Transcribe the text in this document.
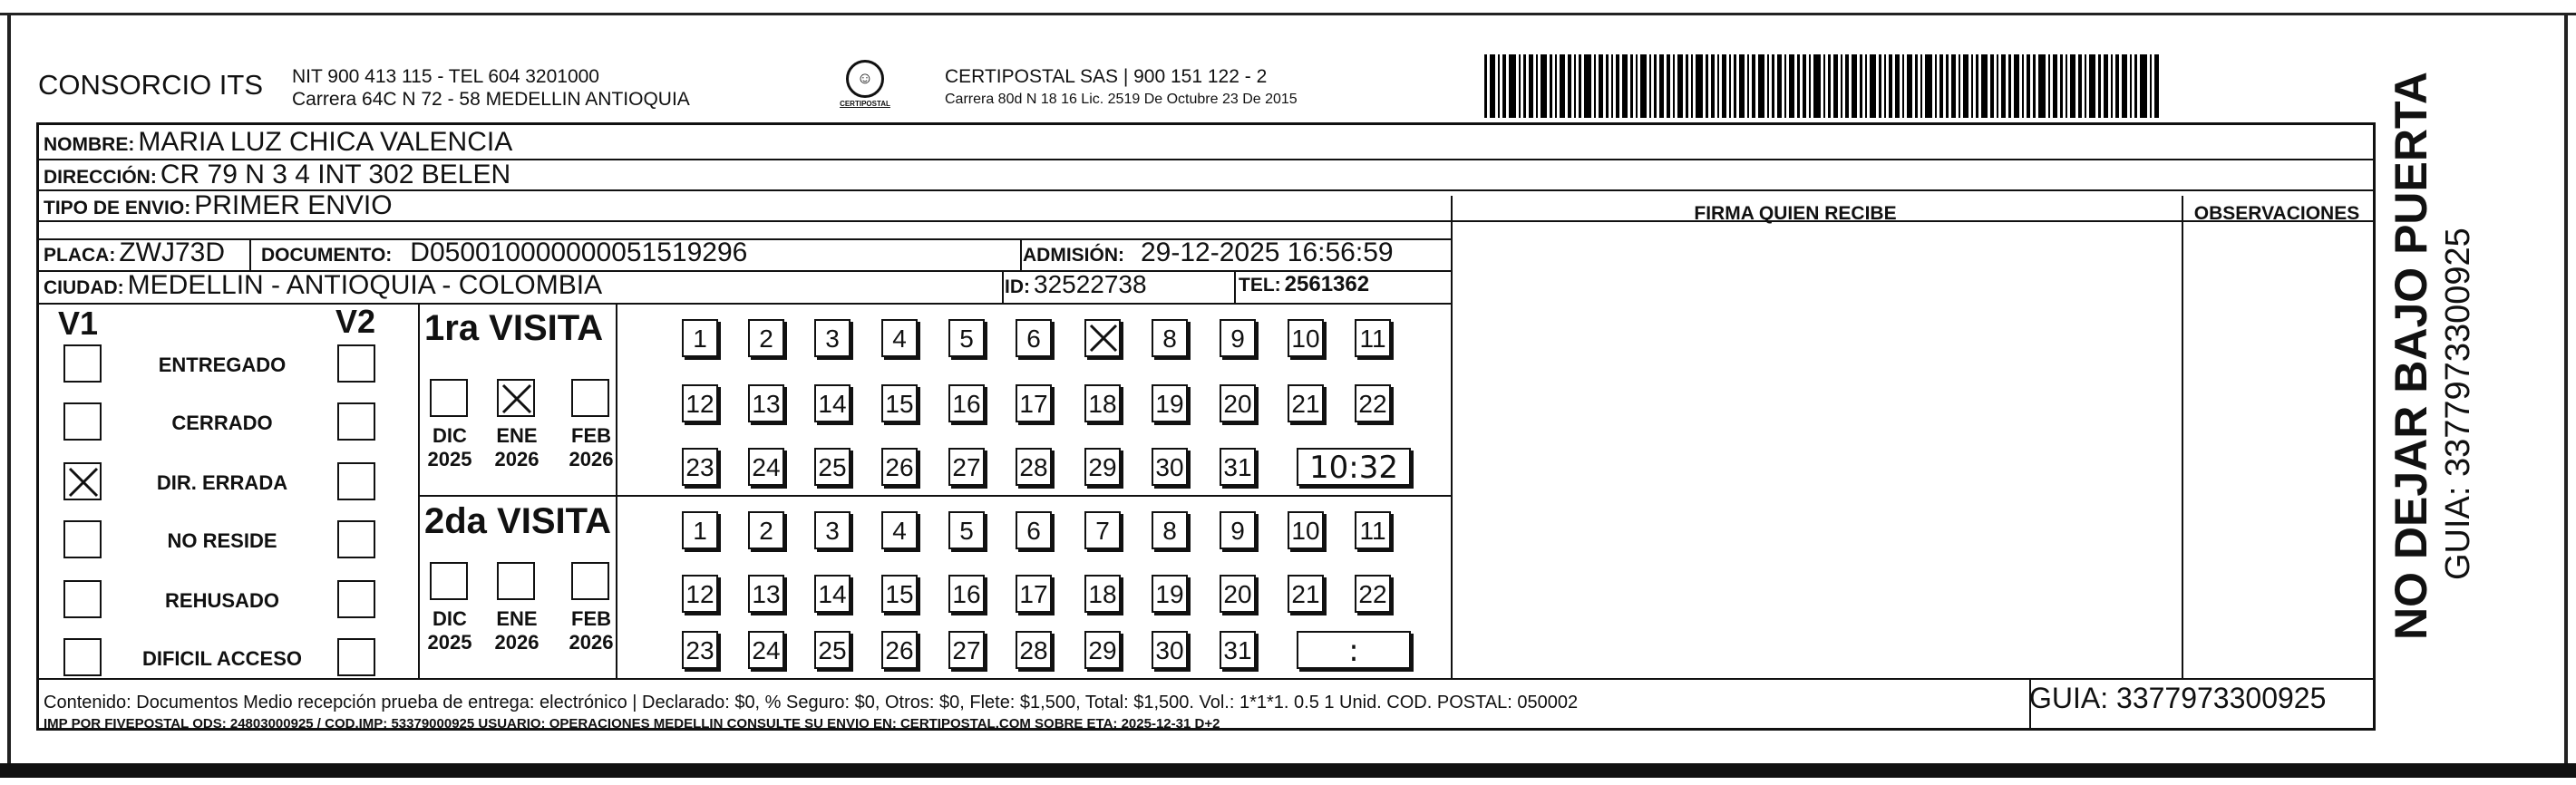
CONSORCIO ITS NIT 900 413 115 - TEL 604 3201000
Carrera 64C N 72 - 58 MEDELLIN ANTIOQUIA
☺
CERTIPOSTAL
CERTIPOSTAL SAS | 900 151 122 - 2
Carrera 80d N 18 16 Lic. 2519 De Octubre 23 De 2015
NOMBRE: MARIA LUZ CHICA VALENCIA
DIRECCIÓN: CR 79 N 3 4 INT 302 BELEN
TIPO DE ENVIO: PRIMER ENVIO	FIRMA QUIEN RECIBE	OBSERVACIONES
PLACA: ZWJ73D DOCUMENTO: D050010000000051519296	ADMISIÓN: 29-12-2025 16:56:59
CIUDAD: MEDELLIN - ANTIOQUIA - COLOMBIA	ID: 32522738	TEL: 2561362
V1	V2
ENTREGADO
CERRADO
DIR. ERRADA
NO RESIDE
REHUSADO
DIFICIL ACCESO
1ra VISITA
DIC
2025
ENE
2026
FEB
2026
1	2	3	4	5	6	8	9	10 11
12 13 14 15 16 17 18 19 20 21 22
23 24 25 26 27 28 29 30 31	10:32
2da VISITA
DIC
2025
ENE
2026
FEB
2026
1	2	3	4	5	6	7	8	9	10 11
12 13 14 15 16 17 18 19 20 21 22
23 24 25 26 27 28 29 30 31	:
Contenido: Documentos Medio recepción prueba de entrega: electrónico | Declarado: $0, % Seguro: $0, Otros: $0, Flete: $1,500, Total: $1,500. Vol.: 1*1*1. 0.5 1 Unid. COD. POSTAL: 050002
IMP POR FIVEPOSTAL ODS: 24803000925 / COD.IMP: 53379000925 USUARIO: OPERACIONES MEDELLIN CONSULTE SU ENVIO EN: CERTIPOSTAL.COM SOBRE ETA: 2025-12-31 D+2
GUIA: 3377973300925
NO DEJAR BAJO PUERTA GUIA: 3377973300925
